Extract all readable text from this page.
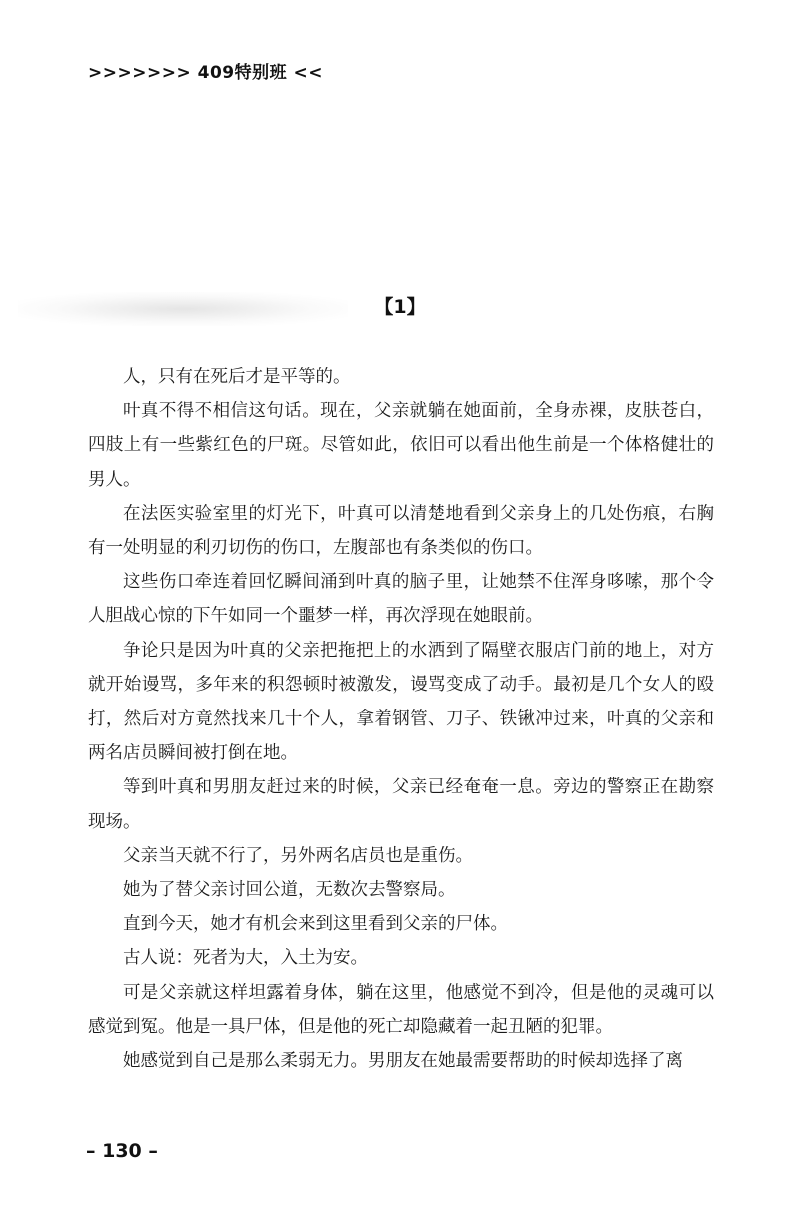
>>>>>>> 409特别班 <<
【1】

人，只有在死后才是平等的。

叶真不得不相信这句话。现在，父亲就躺在她面前，全身赤裸，皮肤苍白，四肢上有一些紫红色的尸斑。尽管如此，依旧可以看出他生前是一个体格健壮的男人。

在法医实验室里的灯光下，叶真可以清楚地看到父亲身上的几处伤痕，右胸有一处明显的利刃切伤的伤口，左腹部也有条类似的伤口。

这些伤口牵连着回忆瞬间涌到叶真的脑子里，让她禁不住浑身哆嗦，那个令人胆战心惊的下午如同一个噩梦一样，再次浮现在她眼前。

争论只是因为叶真的父亲把拖把上的水洒到了隔壁衣服店门前的地上，对方就开始谩骂，多年来的积怨顿时被激发，谩骂变成了动手。最初是几个女人的殴打，然后对方竟然找来几十个人，拿着钢管、刀子、铁锹冲过来，叶真的父亲和两名店员瞬间被打倒在地。

等到叶真和男朋友赶过来的时候，父亲已经奄奄一息。旁边的警察正在勘察现场。

父亲当天就不行了，另外两名店员也是重伤。

她为了替父亲讨回公道，无数次去警察局。

直到今天，她才有机会来到这里看到父亲的尸体。

古人说：死者为大，入土为安。

可是父亲就这样坦露着身体，躺在这里，他感觉不到冷，但是他的灵魂可以感觉到冤。他是一具尸体，但是他的死亡却隐藏着一起丑陋的犯罪。

她感觉到自己是那么柔弱无力。男朋友在她最需要帮助的时候却选择了离

– 130 –
